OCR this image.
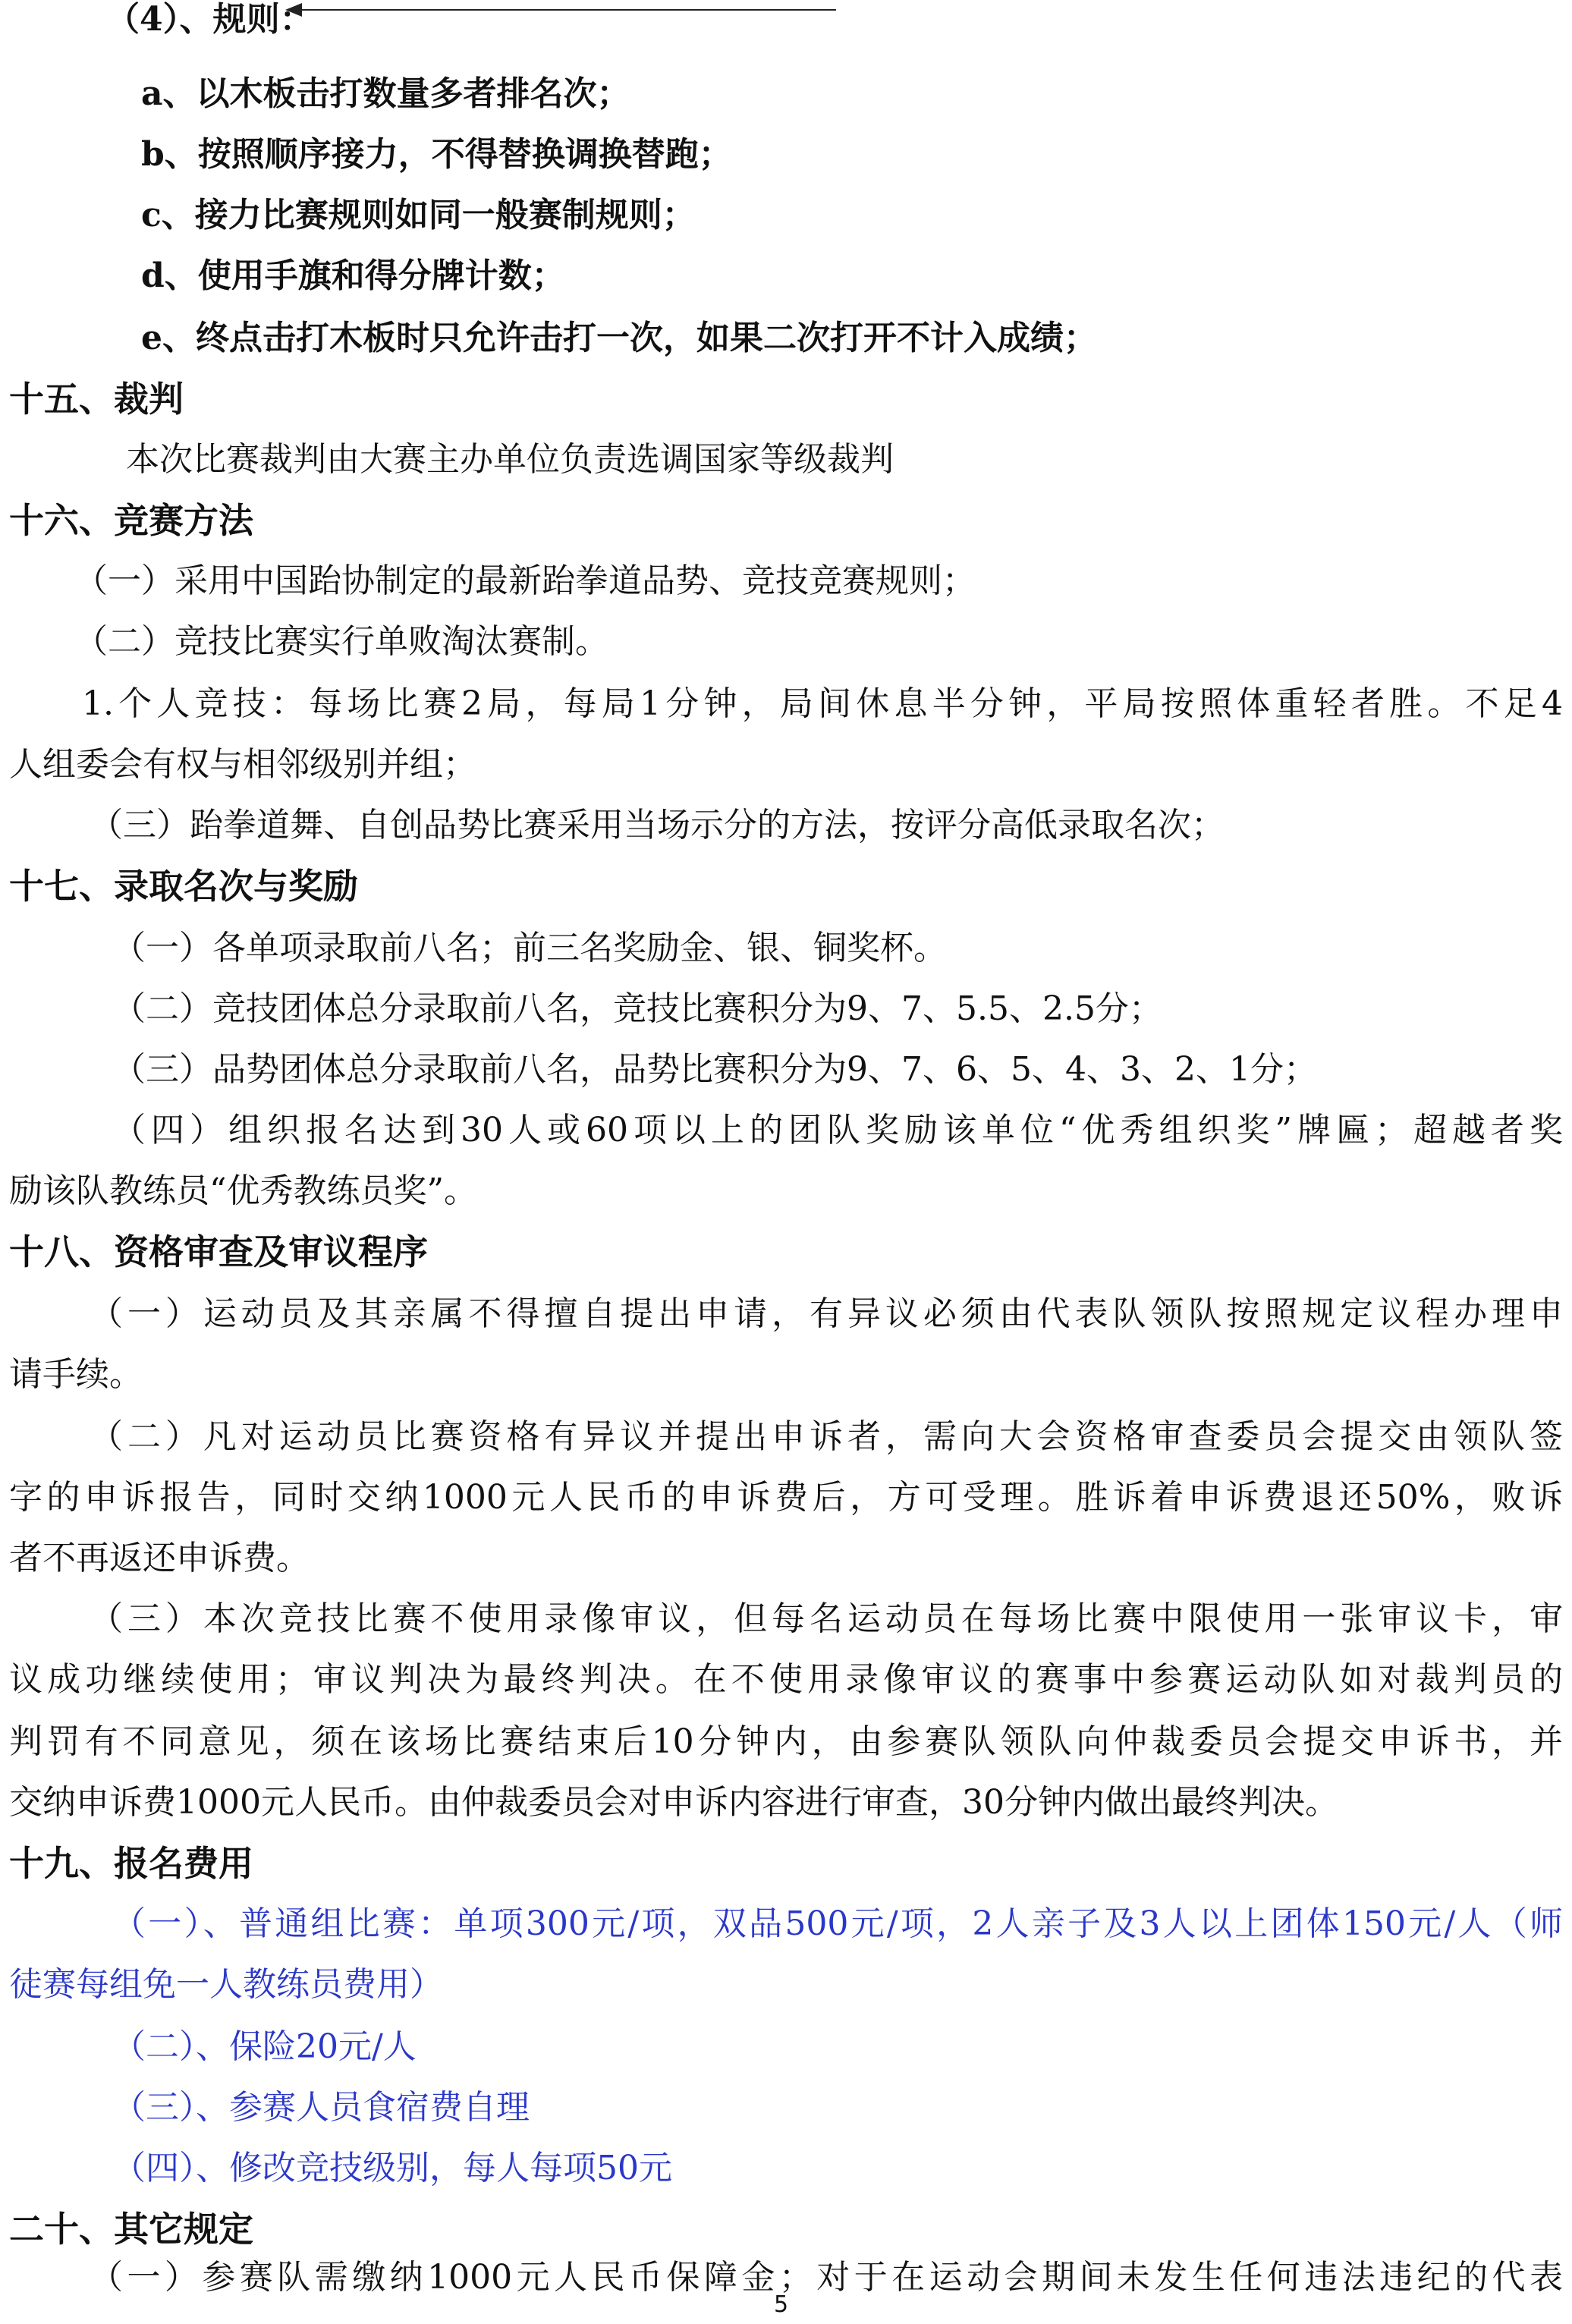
（4）、规则：
a、以木板击打数量多者排名次；
b、按照顺序接力，不得替换调换替跑；
c、接力比赛规则如同一般赛制规则；
d、使用手旗和得分牌计数；
e、终点击打木板时只允许击打一次，如果二次打开不计入成绩；
十五、裁判
本次比赛裁判由大赛主办单位负责选调国家等级裁判
十六、竞赛方法
（一）采用中国跆协制定的最新跆拳道品势、竞技竞赛规则；
（二）竞技比赛实行单败淘汰赛制。
1.个人竞技：每场比赛2局，每局1分钟，局间休息半分钟，平局按照体重轻者胜。不足4
人组委会有权与相邻级别并组；
（三）跆拳道舞、自创品势比赛采用当场示分的方法，按评分高低录取名次；
十七、录取名次与奖励
（一）各单项录取前八名；前三名奖励金、银、铜奖杯。
（二）竞技团体总分录取前八名，竞技比赛积分为9、7、5.5、2.5分；
（三）品势团体总分录取前八名，品势比赛积分为9、7、6、5、4、3、2、1分；
（四）组织报名达到30人或60项以上的团队奖励该单位“优秀组织奖”牌匾；超越者奖
励该队教练员“优秀教练员奖”。
十八、资格审查及审议程序
（一）运动员及其亲属不得擅自提出申请，有异议必须由代表队领队按照规定议程办理申
请手续。
（二）凡对运动员比赛资格有异议并提出申诉者，需向大会资格审查委员会提交由领队签
字的申诉报告，同时交纳1000元人民币的申诉费后，方可受理。胜诉着申诉费退还50%，败诉
者不再返还申诉费。
（三）本次竞技比赛不使用录像审议，但每名运动员在每场比赛中限使用一张审议卡，审
议成功继续使用；审议判决为最终判决。在不使用录像审议的赛事中参赛运动队如对裁判员的
判罚有不同意见，须在该场比赛结束后10分钟内，由参赛队领队向仲裁委员会提交申诉书，并
交纳申诉费1000元人民币。由仲裁委员会对申诉内容进行审查，30分钟内做出最终判决。
十九、报名费用
（一）、普通组比赛：单项300元/项，双品500元/项，2人亲子及3人以上团体150元/人（师
徒赛每组免一人教练员费用）
（二）、保险20元/人
（三）、参赛人员食宿费自理
（四）、修改竞技级别，每人每项50元
二十、其它规定
（一）参赛队需缴纳1000元人民币保障金；对于在运动会期间未发生任何违法违纪的代表
5
